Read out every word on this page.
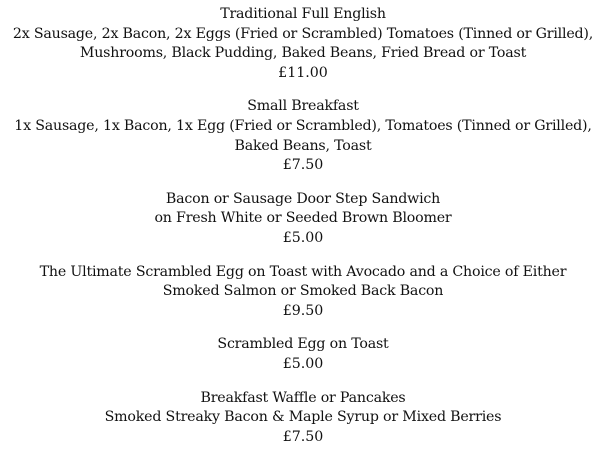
Traditional Full English
2x Sausage, 2x Bacon, 2x Eggs (Fried or Scrambled) Tomatoes (Tinned or Grilled),
Mushrooms, Black Pudding, Baked Beans, Fried Bread or Toast
£11.00
Small Breakfast
1x Sausage, 1x Bacon, 1x Egg (Fried or Scrambled), Tomatoes (Tinned or Grilled),
Baked Beans, Toast
£7.50
Bacon or Sausage Door Step Sandwich
on Fresh White or Seeded Brown Bloomer
£5.00
The Ultimate Scrambled Egg on Toast with Avocado and a Choice of Either
Smoked Salmon or Smoked Back Bacon
£9.50
Scrambled Egg on Toast
£5.00
Breakfast Waffle or Pancakes
Smoked Streaky Bacon & Maple Syrup or Mixed Berries
£7.50
